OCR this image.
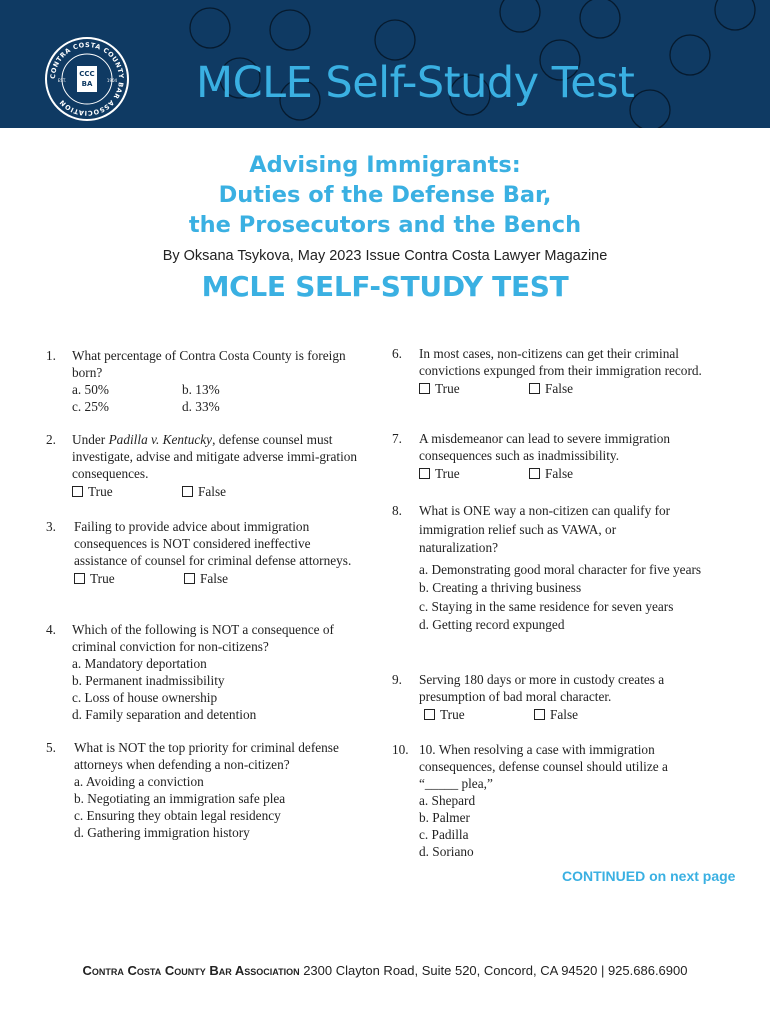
CONTRA COSTA COUNTY BAR ASSOCIATION
CCC
BA
EST.	1904 MCLE Self-Study Test
Advising Immigrants:
Duties of the Defense Bar,
the Prosecutors and the Bench
By Oksana Tsykova, May 2023 Issue Contra Costa Lawyer Magazine
MCLE SELF-STUDY TEST
1. What percentage of Contra Costa County is foreign born?
a. 50%	b. 13%
c. 25%	d. 33%
2. Under Padilla v. Kentucky, defense counsel must investigate, advise and mitigate adverse immi-gration consequences.
True	False
3. Failing to provide advice about immigration consequences is NOT considered ineffective assistance of counsel for criminal defense attorneys.
True	False
4. Which of the following is NOT a consequence of criminal conviction for non-citizens?
a. Mandatory deportation
b. Permanent inadmissibility
c. Loss of house ownership
d. Family separation and detention
5. What is NOT the top priority for criminal defense attorneys when defending a non-citizen?
a. Avoiding a conviction
b. Negotiating an immigration safe plea
c. Ensuring they obtain legal residency
d. Gathering immigration history
6. In most cases, non-citizens can get their criminal convictions expunged from their immigration record.
True	False
7. A misdemeanor can lead to severe immigration consequences such as inadmissibility.
True	False
8. What is ONE way a non-citizen can qualify for immigration relief such as VAWA, or naturalization?
a. Demonstrating good moral character for five years
b. Creating a thriving business
c. Staying in the same residence for seven years
d. Getting record expunged
9. Serving 180 days or more in custody creates a presumption of bad moral character.
True	False
10. 10. When resolving a case with immigration consequences, defense counsel should utilize a “_____ plea,”
a. Shepard
b. Palmer
c. Padilla
d. Soriano
CONTINUED on next page
Contra Costa County Bar Association 2300 Clayton Road, Suite 520, Concord, CA 94520 | 925.686.6900
